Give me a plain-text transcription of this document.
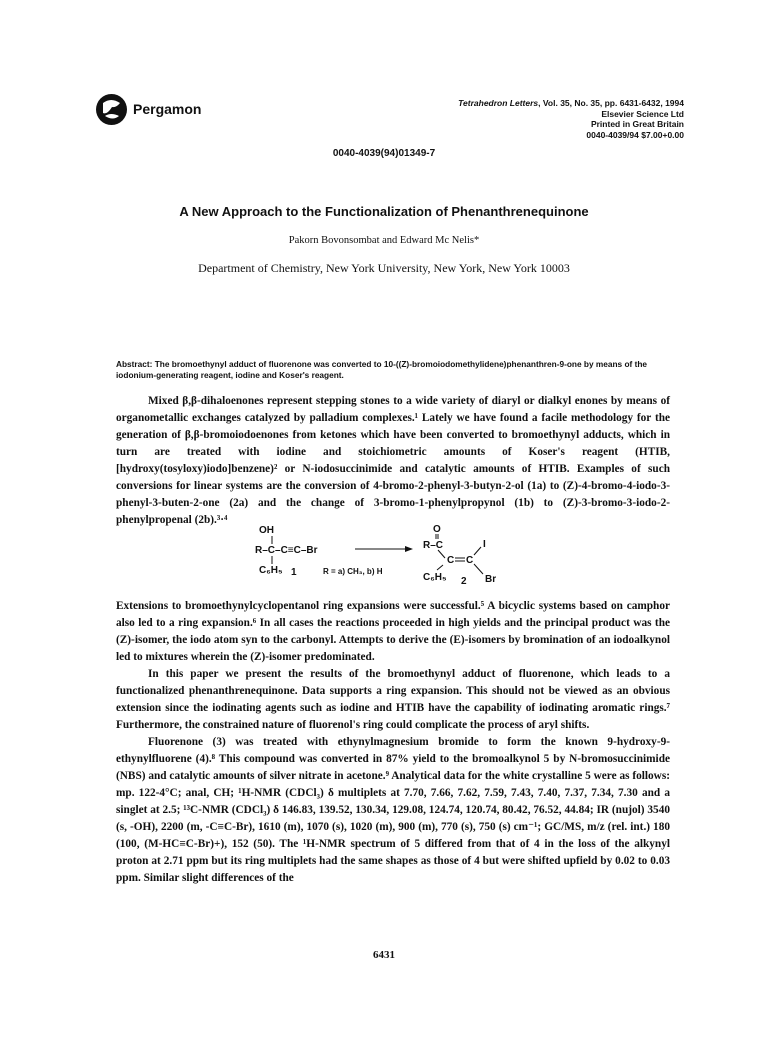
Pergamon	Tetrahedron Letters, Vol. 35, No. 35, pp. 6431-6432, 1994
Elsevier Science Ltd
Printed in Great Britain
0040-4039/94 $7.00+0.00
0040-4039(94)01349-7
A New Approach to the Functionalization of Phenanthrenequinone
Pakorn Bovonsombat and Edward Mc Nelis*
Department of Chemistry, New York University, New York, New York 10003
Abstract: The bromoethynyl adduct of fluorenone was converted to 10-((Z)-bromoiodomethylidene)phenanthren-9-one by means of the iodonium-generating reagent, iodine and Koser's reagent.

Mixed β,β-dihaloenones represent stepping stones to a wide variety of diaryl or dialkyl enones by means of organometallic exchanges catalyzed by palladium complexes.¹ Lately we have found a facile methodology for the generation of β,β-bromoiodoenones from ketones which have been converted to bromoethynyl adducts, which in turn are treated with iodine and stoichiometric amounts of Koser's reagent (HTIB, [hydroxy(tosyloxy)iodo]benzene)² or N-iodosuccinimide and catalytic amounts of HTIB. Examples of such conversions for linear systems are the conversion of 4-bromo-2-phenyl-3-butyn-2-ol (1a) to (Z)-4-bromo-4-iodo-3-phenyl-3-buten-2-one (2a) and the change of 3-bromo-1-phenylpropynol (1b) to (Z)-3-bromo-3-iodo-2-phenylpropenal (2b).³·⁴

OH
R–C–C≡C–Br
C₆H₅ 1	R = a) CH₃, b) H
O
R–C
C C
I
Br
C₆H₅ 2

Extensions to bromoethynylcyclopentanol ring expansions were successful.⁵ A bicyclic systems based on camphor also led to a ring expansion.⁶ In all cases the reactions proceeded in high yields and the principal product was the (Z)-isomer, the iodo atom syn to the carbonyl. Attempts to derive the (E)-isomers by bromination of an iodoalkynol led to mixtures wherein the (Z)-isomer predominated.

In this paper we present the results of the bromoethynyl adduct of fluorenone, which leads to a functionalized phenanthrenequinone. Data supports a ring expansion. This should not be viewed as an obvious extension since the iodinating agents such as iodine and HTIB have the capability of iodinating aromatic rings.⁷ Furthermore, the constrained nature of fluorenol's ring could complicate the process of aryl shifts.

Fluorenone (3) was treated with ethynylmagnesium bromide to form the known 9-hydroxy-9-ethynylfluorene (4).⁸ This compound was converted in 87% yield to the bromoalkynol 5 by N-bromosuccinimide (NBS) and catalytic amounts of silver nitrate in acetone.⁹ Analytical data for the white crystalline 5 were as follows: mp. 122-4°C; anal, CH; ¹H-NMR (CDCl₃) δ multiplets at 7.70, 7.66, 7.62, 7.59, 7.43, 7.40, 7.37, 7.34, 7.30 and a singlet at 2.5; ¹³C-NMR (CDCl₃) δ 146.83, 139.52, 130.34, 129.08, 124.74, 120.74, 80.42, 76.52, 44.84; IR (nujol) 3540 (s, -OH), 2200 (m, -C≡C-Br), 1610 (m), 1070 (s), 1020 (m), 900 (m), 770 (s), 750 (s) cm⁻¹; GC/MS, m/z (rel. int.) 180 (100, (M-HC≡C-Br)+), 152 (50). The ¹H-NMR spectrum of 5 differed from that of 4 in the loss of the alkynyl proton at 2.71 ppm but its ring multiplets had the same shapes as those of 4 but were shifted upfield by 0.02 to 0.03 ppm. Similar slight differences of the

6431
